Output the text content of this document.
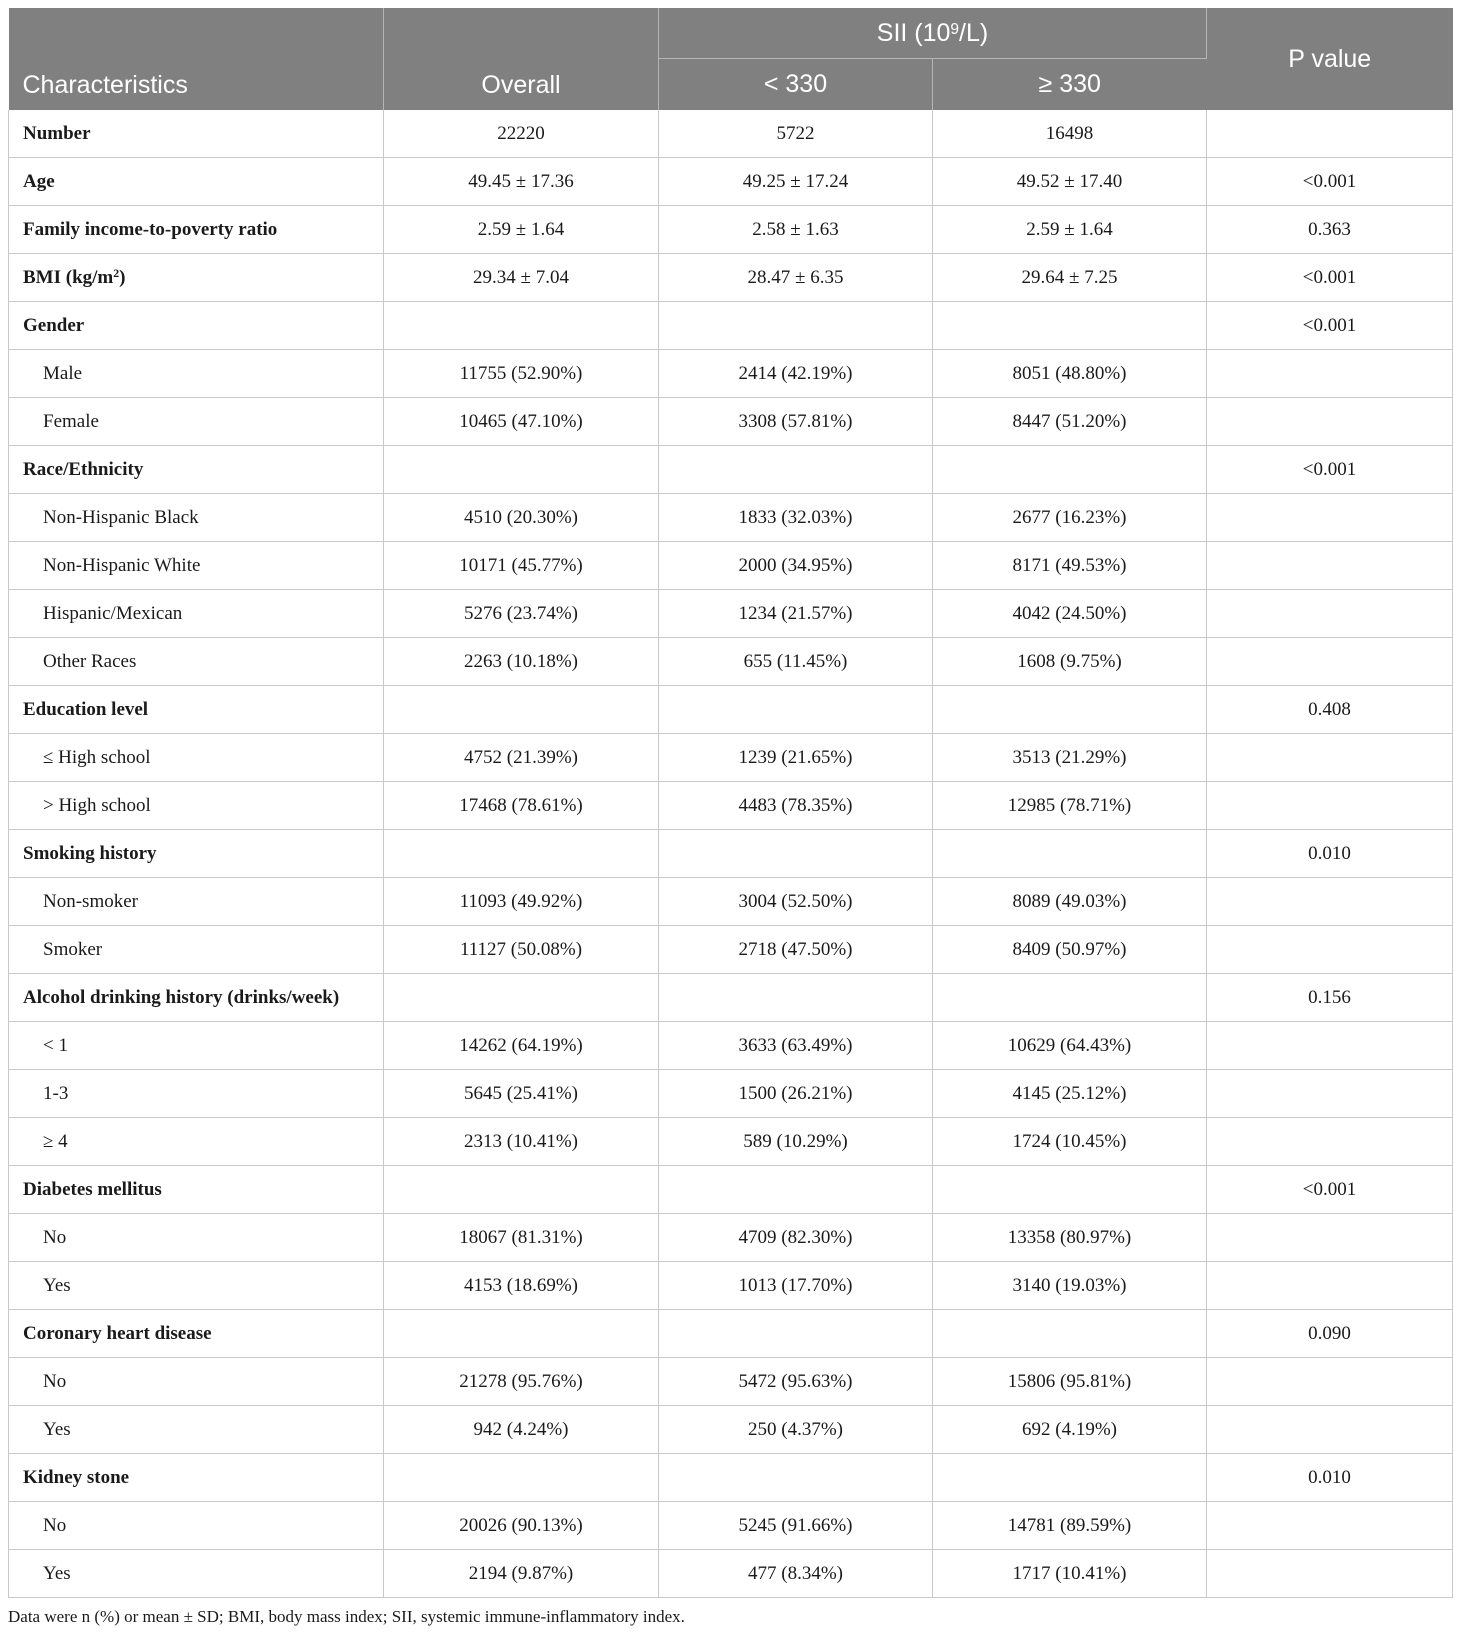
Characteristics	Overall	SII $(10^9/L)$		P value
		< 330	≥ 330	
Number	22220	5722	16498	
Age	49.45 ± 17.36	49.25 ± 17.24	49.52 ± 17.40	<0.001
Family income-to-poverty ratio	2.59 ± 1.64	2.58 ± 1.63	2.59 ± 1.64	0.363
BMI $(kg/m^2)$	29.34 ± 7.04	28.47 ± 6.35	29.64 ± 7.25	<0.001
Gender				<0.001
Male	11755 (52.90%)	2414 (42.19%)	8051 (48.80%)	
Female	10465 (47.10%)	3308 (57.81%)	8447 (51.20%)	
Race/Ethnicity				<0.001
Non-Hispanic Black	4510 (20.30%)	1833 (32.03%)	2677 (16.23%)	
Non-Hispanic White	10171 (45.77%)	2000 (34.95%)	8171 (49.53%)	
Hispanic/Mexican	5276 (23.74%)	1234 (21.57%)	4042 (24.50%)	
Other Races	2263 (10.18%)	655 (11.45%)	1608 (9.75%)	
Education level				0.408
≤ High school	4752 (21.39%)	1239 (21.65%)	3513 (21.29%)	
> High school	17468 (78.61%)	4483 (78.35%)	12985 (78.71%)	
Smoking history				0.010
Non-smoker	11093 (49.92%)	3004 (52.50%)	8089 (49.03%)	
Smoker	11127 (50.08%)	2718 (47.50%)	8409 (50.97%)	
Alcohol drinking history (drinks/week)				0.156
< 1	14262 (64.19%)	3633 (63.49%)	10629 (64.43%)	
1-3	5645 (25.41%)	1500 (26.21%)	4145 (25.12%)	
≥ 4	2313 (10.41%)	589 (10.29%)	1724 (10.45%)	
Diabetes mellitus				<0.001
No	18067 (81.31%)	4709 (82.30%)	13358 (80.97%)	
Yes	4153 (18.69%)	1013 (17.70%)	3140 (19.03%)	
Coronary heart disease				0.090
No	21278 (95.76%)	5472 (95.63%)	15806 (95.81%)	
Yes	942 (4.24%)	250 (4.37%)	692 (4.19%)	
Kidney stone				0.010
No	20026 (90.13%)	5245 (91.66%)	14781 (89.59%)	
Yes	2194 (9.87%)	477 (8.34%)	1717 (10.41%)	
Data were n (%) or mean ± SD; BMI, body mass index; SII, systemic immune-inflammatory index.
